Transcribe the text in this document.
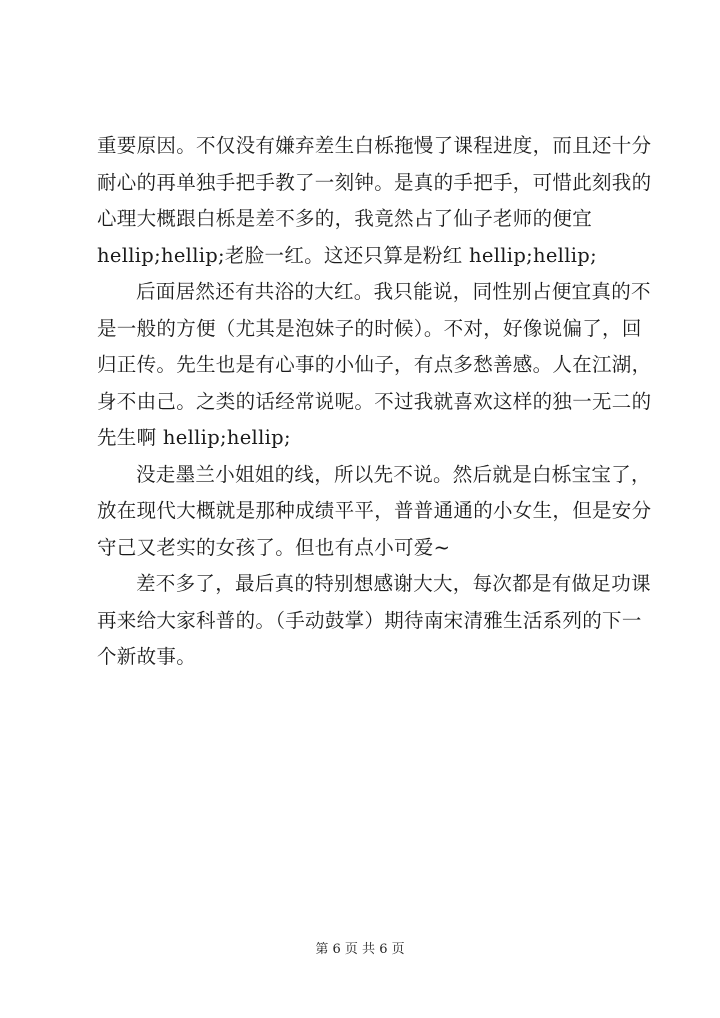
重要原因。不仅没有嫌弃差生白栎拖慢了课程进度，而且还十分
耐心的再单独手把手教了一刻钟。是真的手把手，可惜此刻我的
心理大概跟白栎是差不多的，我竟然占了仙子老师的便宜
hellip;hellip;老脸一红。这还只算是粉红 hellip;hellip;

后面居然还有共浴的大红。我只能说，同性别占便宜真的不
是一般的方便（尤其是泡妹子的时候）。不对，好像说偏了，回
归正传。先生也是有心事的小仙子，有点多愁善感。人在江湖，
身不由己。之类的话经常说呢。不过我就喜欢这样的独一无二的
先生啊 hellip;hellip;

没走墨兰小姐姐的线，所以先不说。然后就是白栎宝宝了，
放在现代大概就是那种成绩平平，普普通通的小女生，但是安分
守己又老实的女孩了。但也有点小可爱~

差不多了，最后真的特别想感谢大大，每次都是有做足功课
再来给大家科普的。（手动鼓掌）期待南宋清雅生活系列的下一
个新故事。

第 6 页 共 6 页
